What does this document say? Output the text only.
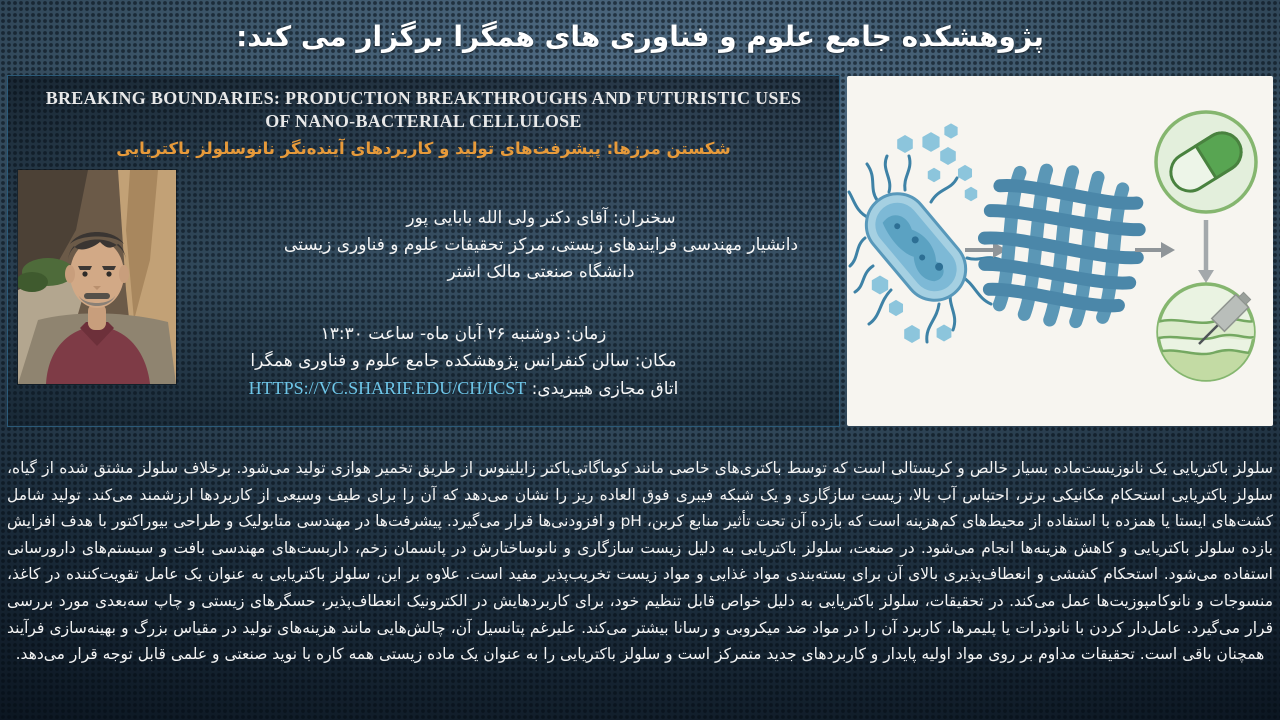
پژوهشکده جامع علوم و فناوری های همگرا برگزار می کند:
BREAKING BOUNDARIES: PRODUCTION BREAKTHROUGHS AND FUTURISTIC USES OF NANO-BACTERIAL CELLULOSE
شکستن مرزها: پیشرفت‌های تولید و کاربردهای آینده‌نگر نانوسلولز باکتریایی
سخنران: آقای دکتر ولی الله بابایی پور
دانشیار مهندسی فرایندهای زیستی، مرکز تحقیقات علوم و فناوری زیستی
دانشگاه صنعتی مالک اشتر
زمان: دوشنبه ۲۶ آبان ماه- ساعت ۱۳:۳۰
مکان: سالن کنفرانس پژوهشکده جامع علوم و فناوری همگرا
اتاق مجازی هیبریدی: HTTPS://VC.SHARIF.EDU/CH/ICST
سلولز باکتریایی یک نانوزیست‌ماده بسیار خالص و کریستالی است که توسط باکتری‌های خاصی مانند کوماگاتی‌باکتر زایلینوس از طریق تخمیر هوازی تولید می‌شود. برخلاف سلولز مشتق شده از گیاه، سلولز باکتریایی استحکام مکانیکی برتر، احتباس آب بالا، زیست سازگاری و یک شبکه فیبری فوق العاده ریز را نشان می‌دهد که آن را برای طیف وسیعی از کاربردها ارزشمند می‌کند. تولید شامل کشت‌های ایستا یا همزده با استفاده از محیط‌های کم‌هزینه است که بازده آن تحت تأثیر منابع کربن، pH و افزودنی‌ها قرار می‌گیرد. پیشرفت‌ها در مهندسی متابولیک و طراحی بیوراکتور با هدف افزایش بازده سلولز باکتریایی و کاهش هزینه‌ها انجام می‌شود. در صنعت، سلولز باکتریایی به دلیل زیست سازگاری و نانوساختارش در پانسمان زخم، داربست‌های مهندسی بافت و سیستم‌های دارورسانی استفاده می‌شود. استحکام کششی و انعطاف‌پذیری بالای آن برای بسته‌بندی مواد غذایی و مواد زیست تخریب‌پذیر مفید است. علاوه بر این، سلولز باکتریایی به عنوان یک عامل تقویت‌کننده در کاغذ، منسوجات و نانوکامپوزیت‌ها عمل می‌کند. در تحقیقات، سلولز باکتریایی به دلیل خواص قابل تنظیم خود، برای کاربردهایش در الکترونیک انعطاف‌پذیر، حسگرهای زیستی و چاپ سه‌بعدی مورد بررسی قرار می‌گیرد. عامل‌دار کردن با نانوذرات یا پلیمرها، کاربرد آن را در مواد ضد میکروبی و رسانا بیشتر می‌کند. علیرغم پتانسیل آن، چالش‌هایی مانند هزینه‌های تولید در مقیاس بزرگ و بهینه‌سازی فرآیند همچنان باقی است. تحقیقات مداوم بر روی مواد اولیه پایدار و کاربردهای جدید متمرکز است و سلولز باکتریایی را به عنوان یک ماده زیستی همه کاره با نوید صنعتی و علمی قابل توجه قرار می‌دهد.
